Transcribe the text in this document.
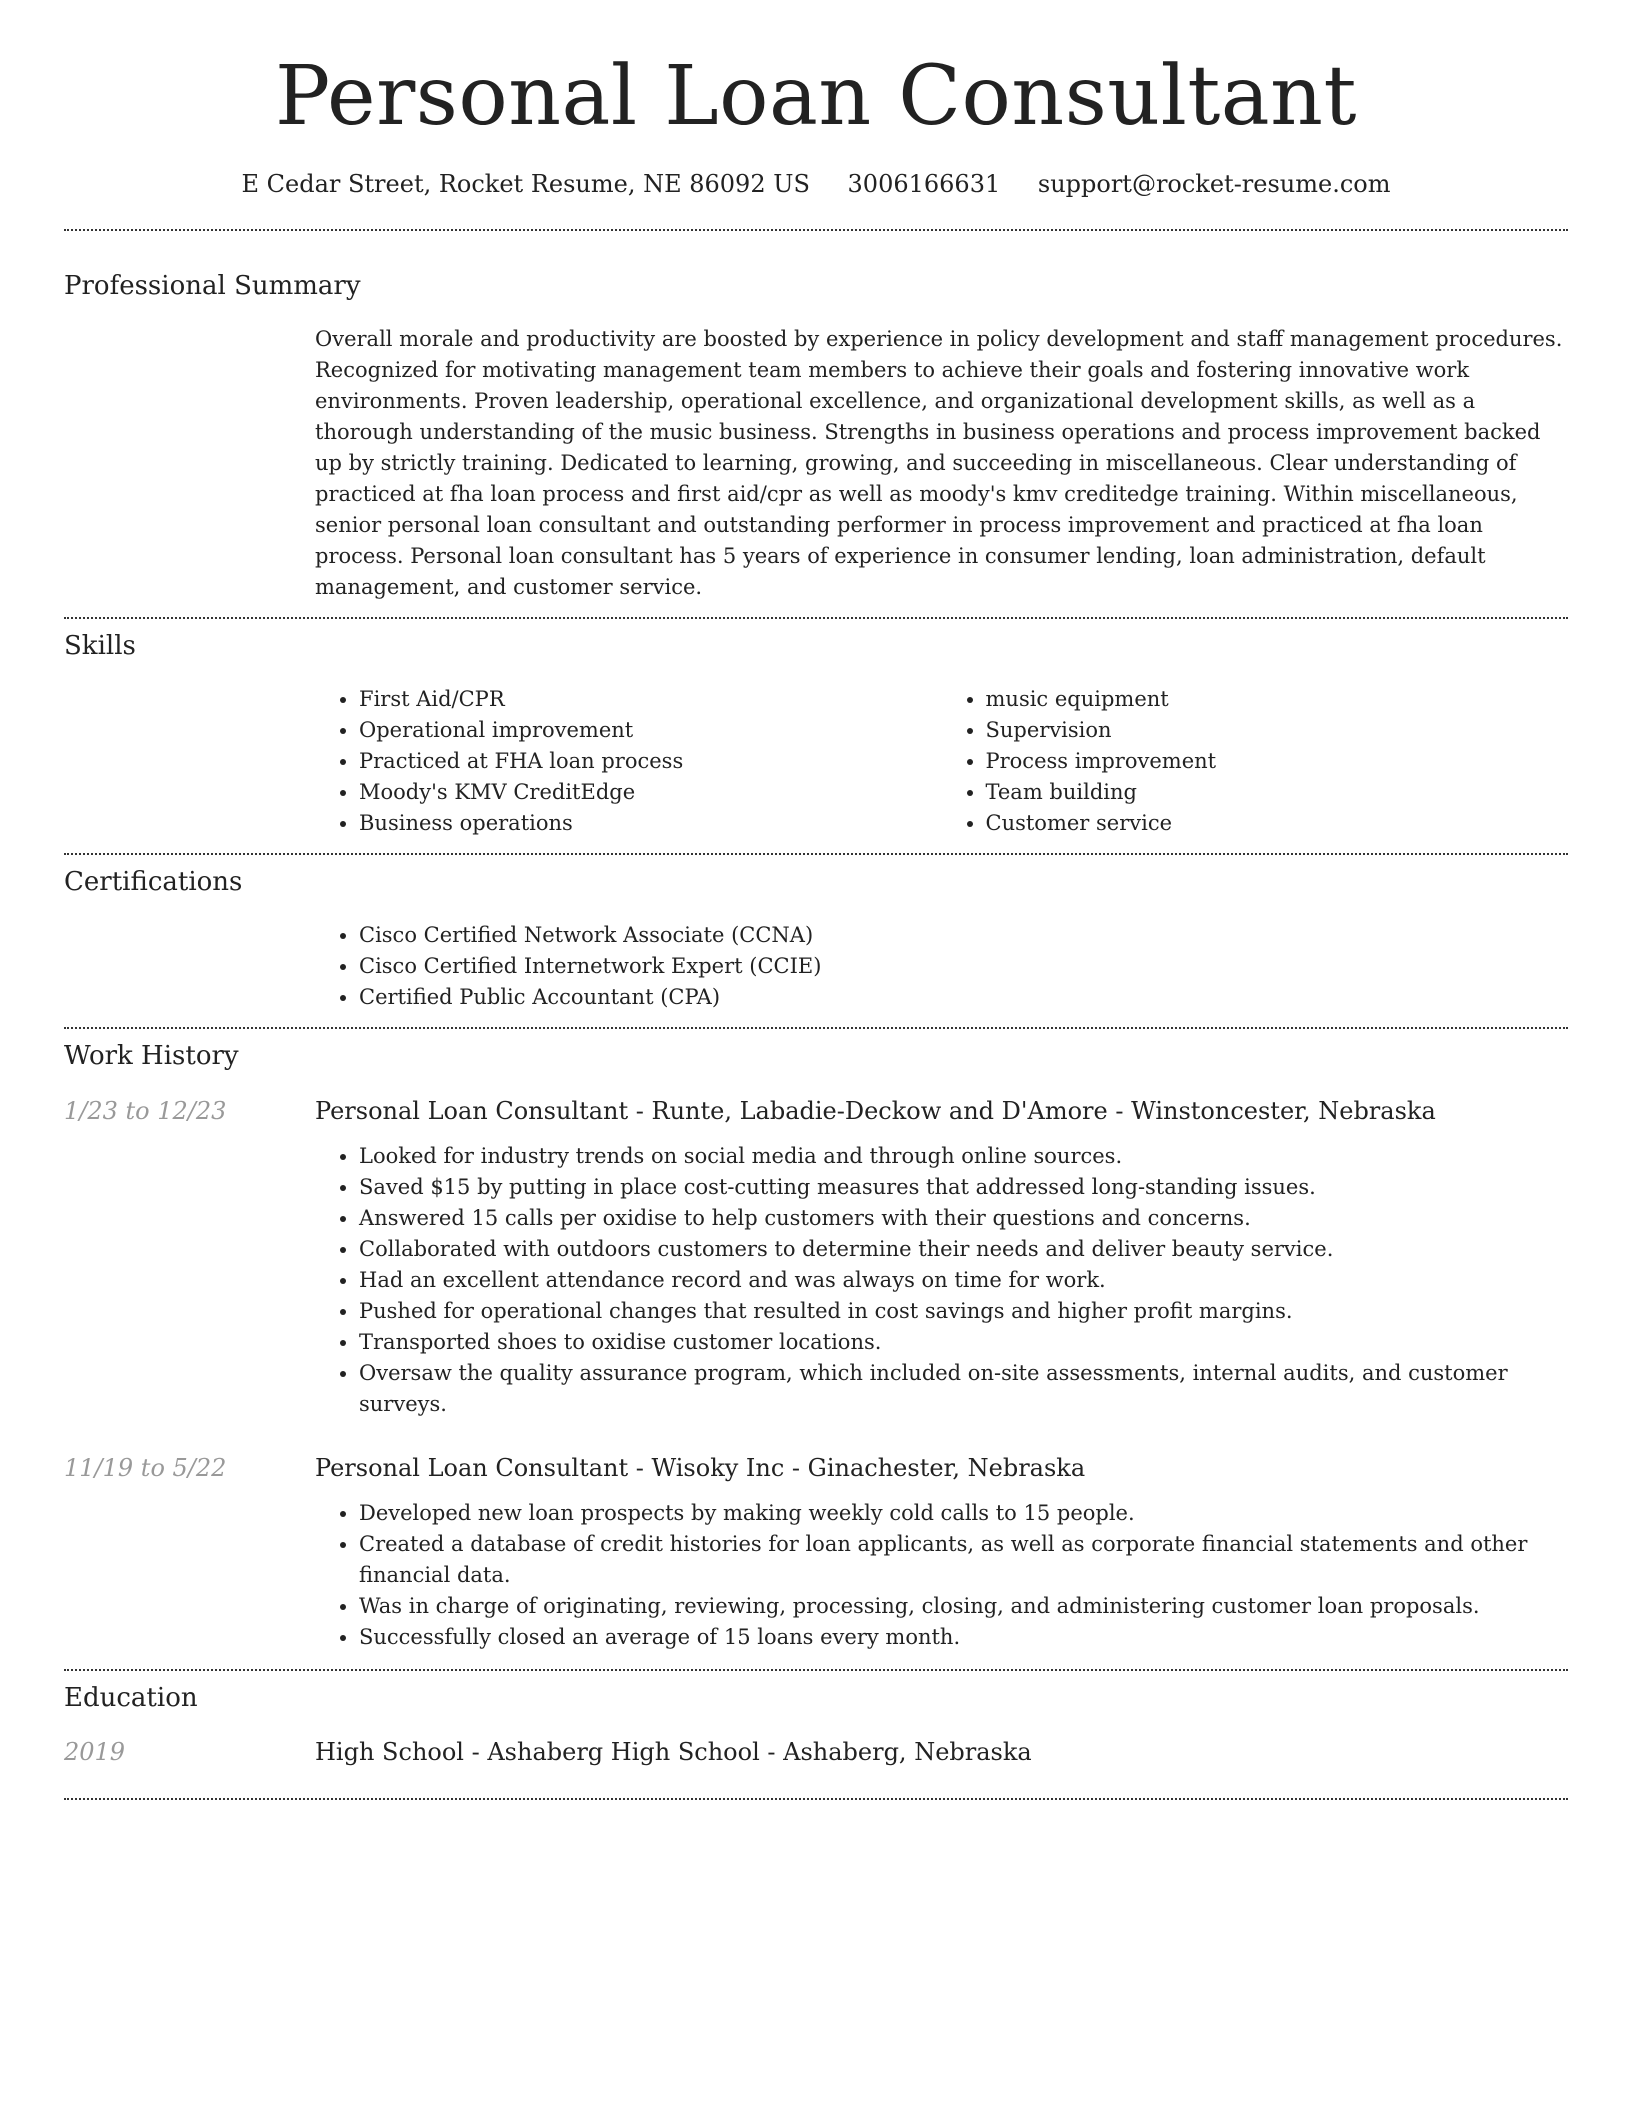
Personal Loan Consultant
E Cedar Street, Rocket Resume, NE 86092 US 3006166631 support@rocket-resume.com
Professional Summary

Overall morale and productivity are boosted by experience in policy development and staff management procedures. Recognized for motivating management team members to achieve their goals and fostering innovative work environments. Proven leadership, operational excellence, and organizational development skills, as well as a thorough understanding of the music business. Strengths in business operations and process improvement backed up by strictly training. Dedicated to learning, growing, and succeeding in miscellaneous. Clear understanding of practiced at fha loan process and first aid/cpr as well as moody's kmv creditedge training. Within miscellaneous, senior personal loan consultant and outstanding performer in process improvement and practiced at fha loan process. Personal loan consultant has 5 years of experience in consumer lending, loan administration, default management, and customer service.

Skills
• First Aid/CPR
• Operational improvement
• Practiced at FHA loan process
• Moody's KMV CreditEdge
• Business operations
• music equipment
• Supervision
• Process improvement
• Team building
• Customer service
Certifications
• Cisco Certified Network Associate (CCNA)
• Cisco Certified Internetwork Expert (CCIE)
• Certified Public Accountant (CPA)
Work History
1/23 to 12/23	Personal Loan Consultant - Runte, Labadie-Deckow and D'Amore - Winstoncester, Nebraska
• Looked for industry trends on social media and through online sources.
• Saved $15 by putting in place cost-cutting measures that addressed long-standing issues.
• Answered 15 calls per oxidise to help customers with their questions and concerns.
• Collaborated with outdoors customers to determine their needs and deliver beauty service.
• Had an excellent attendance record and was always on time for work.
• Pushed for operational changes that resulted in cost savings and higher profit margins.
• Transported shoes to oxidise customer locations.
• Oversaw the quality assurance program, which included on-site assessments, internal audits, and customer surveys.
11/19 to 5/22	Personal Loan Consultant - Wisoky Inc - Ginachester, Nebraska
• Developed new loan prospects by making weekly cold calls to 15 people.
• Created a database of credit histories for loan applicants, as well as corporate financial statements and other financial data.
• Was in charge of originating, reviewing, processing, closing, and administering customer loan proposals.
• Successfully closed an average of 15 loans every month.
Education
2019	High School - Ashaberg High School - Ashaberg, Nebraska
